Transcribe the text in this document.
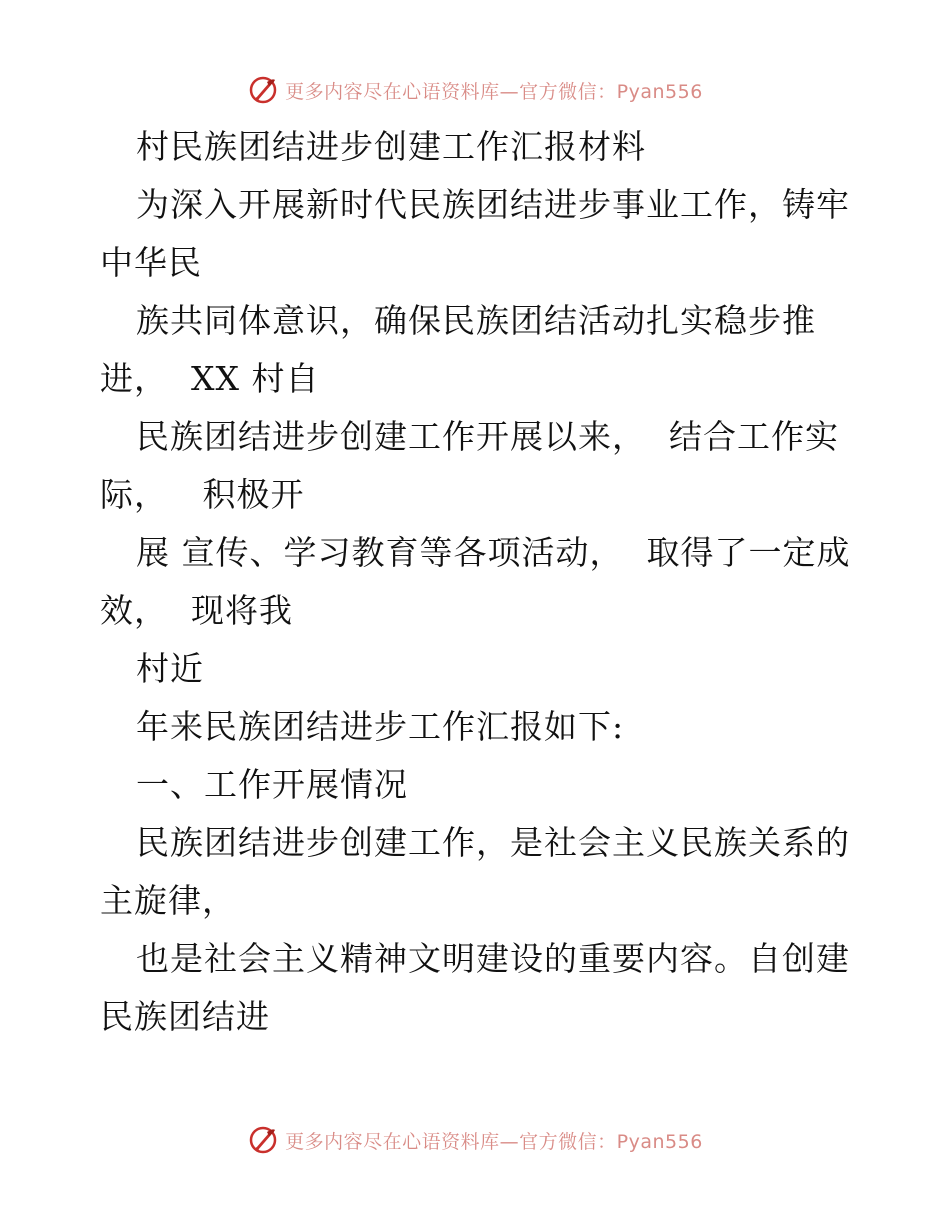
更多内容尽在心语资料库—官方微信：Pyan556
村民族团结进步创建工作汇报材料
为深入开展新时代民族团结进步事业工作，铸牢
中华民
族共同体意识，确保民族团结活动扎实稳步推
进，  XX 村自
民族团结进步创建工作开展以来，  结合工作实
际，   积极开
展 宣传、学习教育等各项活动，  取得了一定成
效，  现将我
村近
年来民族团结进步工作汇报如下:
一、工作开展情况
民族团结进步创建工作，是社会主义民族关系的
主旋律，
也是社会主义精神文明建设的重要内容。自创建
民族团结进
更多内容尽在心语资料库—官方微信：Pyan556
